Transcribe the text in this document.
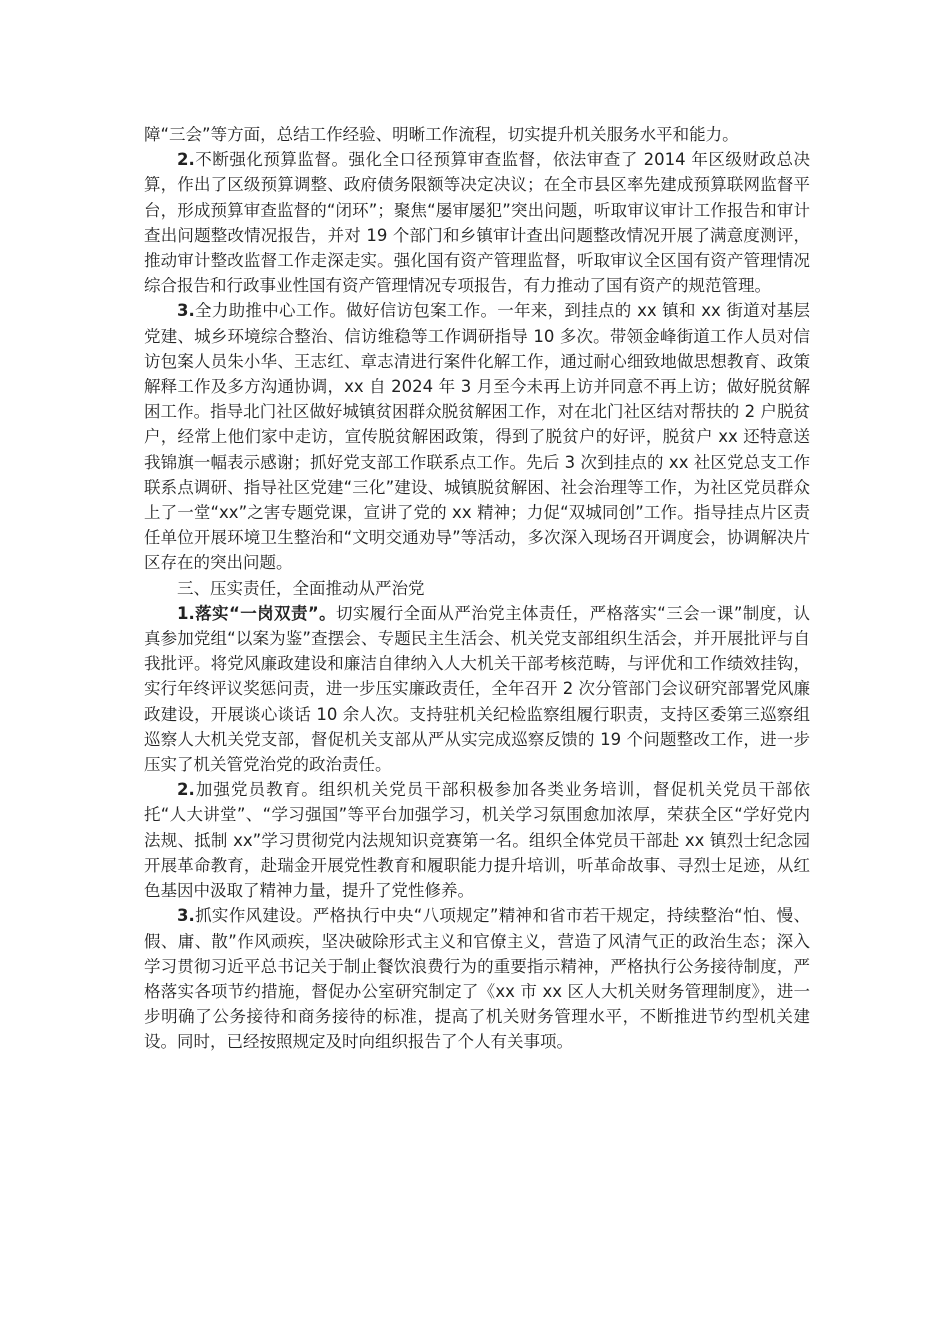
障“三会”等方面，总结工作经验、明晰工作流程，切实提升机关服务水平和能力。

2.不断强化预算监督。强化全口径预算审查监督，依法审查了 2014 年区级财政总决算，作出了区级预算调整、政府债务限额等决定决议；在全市县区率先建成预算联网监督平台，形成预算审查监督的“闭环”；聚焦“屡审屡犯”突出问题，听取审议审计工作报告和审计查出问题整改情况报告，并对 19 个部门和乡镇审计查出问题整改情况开展了满意度测评，推动审计整改监督工作走深走实。强化国有资产管理监督，听取审议全区国有资产管理情况综合报告和行政事业性国有资产管理情况专项报告，有力推动了国有资产的规范管理。

3.全力助推中心工作。做好信访包案工作。一年来，到挂点的 xx 镇和 xx 街道对基层党建、城乡环境综合整治、信访维稳等工作调研指导 10 多次。带领金峰街道工作人员对信访包案人员朱小华、王志红、章志清进行案件化解工作，通过耐心细致地做思想教育、政策解释工作及多方沟通协调，xx 自 2024 年 3 月至今未再上访并同意不再上访；做好脱贫解困工作。指导北门社区做好城镇贫困群众脱贫解困工作，对在北门社区结对帮扶的 2 户脱贫户，经常上他们家中走访，宣传脱贫解困政策，得到了脱贫户的好评，脱贫户 xx 还特意送我锦旗一幅表示感谢；抓好党支部工作联系点工作。先后 3 次到挂点的 xx 社区党总支工作联系点调研、指导社区党建“三化”建设、城镇脱贫解困、社会治理等工作，为社区党员群众上了一堂“xx”之害专题党课，宣讲了党的 xx 精神；力促“双城同创”工作。指导挂点片区责任单位开展环境卫生整治和“文明交通劝导”等活动，多次深入现场召开调度会，协调解决片区存在的突出问题。

三、压实责任，全面推动从严治党

1.落实“一岗双责”。切实履行全面从严治党主体责任，严格落实“三会一课”制度，认真参加党组“以案为鉴”查摆会、专题民主生活会、机关党支部组织生活会，并开展批评与自我批评。将党风廉政建设和廉洁自律纳入人大机关干部考核范畴，与评优和工作绩效挂钩，实行年终评议奖惩问责，进一步压实廉政责任，全年召开 2 次分管部门会议研究部署党风廉政建设，开展谈心谈话 10 余人次。支持驻机关纪检监察组履行职责，支持区委第三巡察组巡察人大机关党支部，督促机关支部从严从实完成巡察反馈的 19 个问题整改工作，进一步压实了机关管党治党的政治责任。

2.加强党员教育。组织机关党员干部积极参加各类业务培训，督促机关党员干部依托“人大讲堂”、“学习强国”等平台加强学习，机关学习氛围愈加浓厚，荣获全区“学好党内法规、抵制 xx”学习贯彻党内法规知识竞赛第一名。组织全体党员干部赴 xx 镇烈士纪念园开展革命教育，赴瑞金开展党性教育和履职能力提升培训，听革命故事、寻烈士足迹，从红色基因中汲取了精神力量，提升了党性修养。

3.抓实作风建设。严格执行中央“八项规定”精神和省市若干规定，持续整治“怕、慢、假、庸、散”作风顽疾，坚决破除形式主义和官僚主义，营造了风清气正的政治生态；深入学习贯彻习近平总书记关于制止餐饮浪费行为的重要指示精神，严格执行公务接待制度，严格落实各项节约措施，督促办公室研究制定了《xx 市 xx 区人大机关财务管理制度》，进一步明确了公务接待和商务接待的标准，提高了机关财务管理水平，不断推进节约型机关建设。同时，已经按照规定及时向组织报告了个人有关事项。
